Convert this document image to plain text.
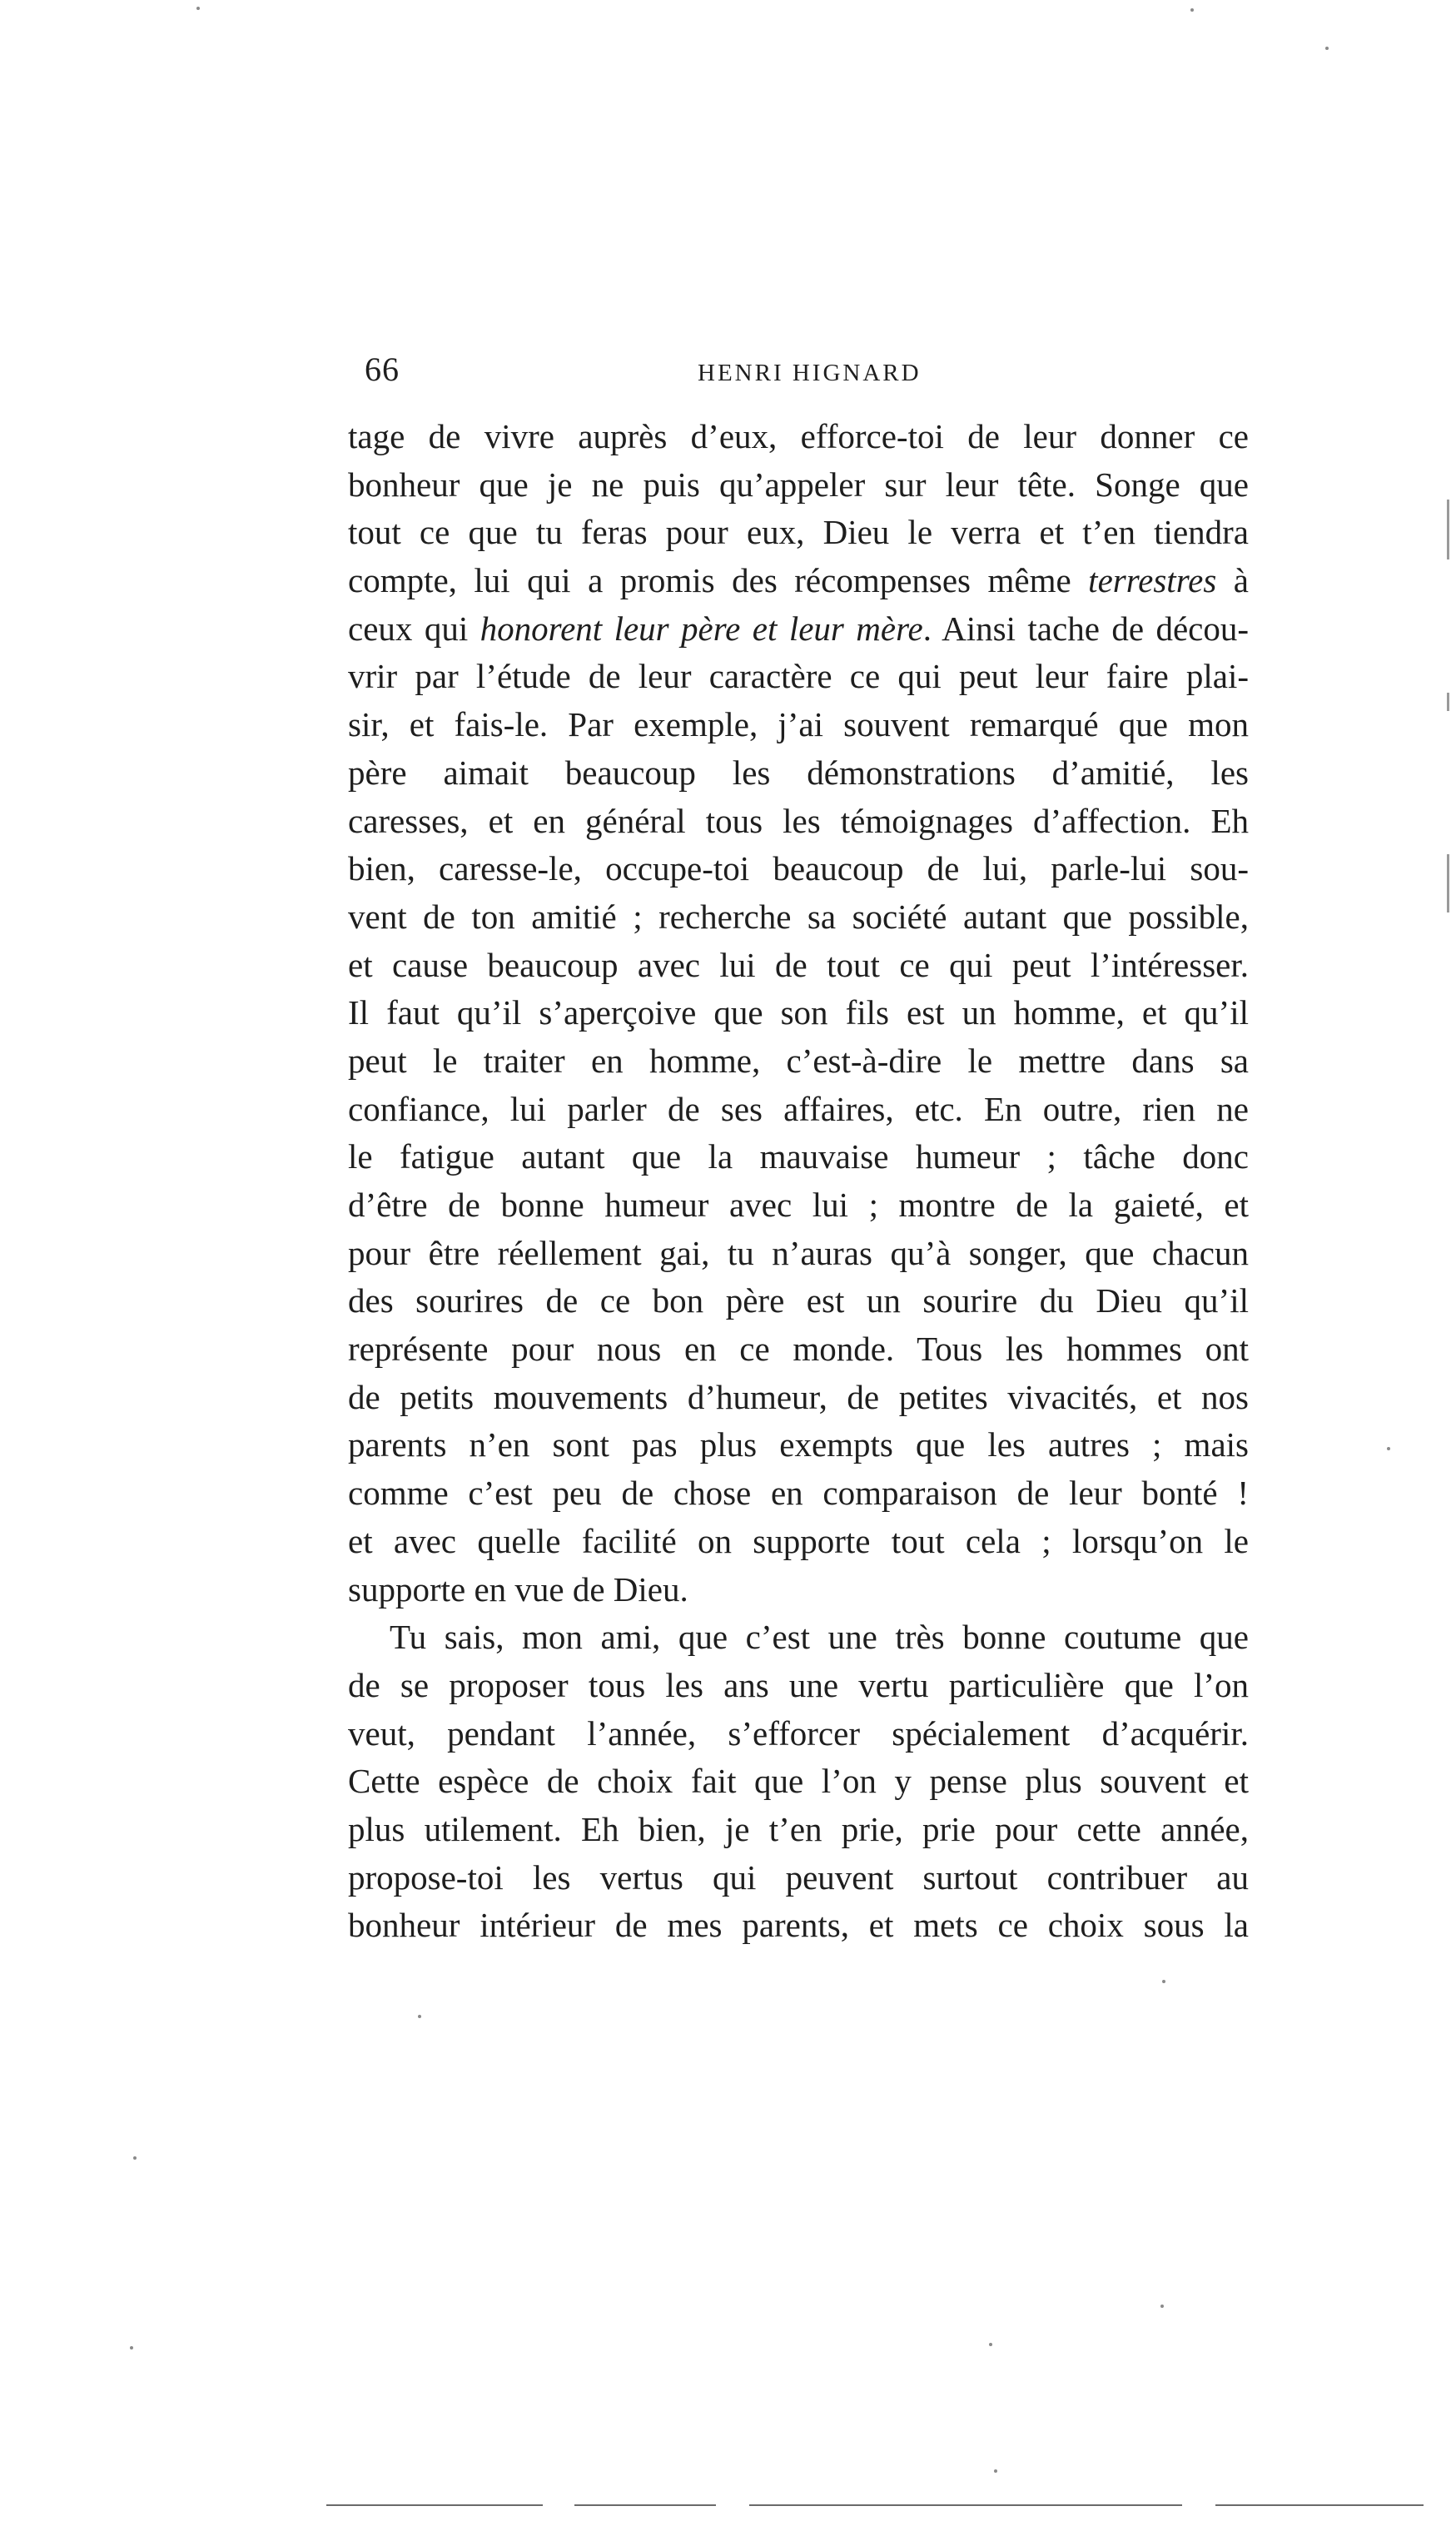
66	HENRI HIGNARD
tage de vivre auprès d’eux, efforce-toi de leur donner ce
bonheur que je ne puis qu’appeler sur leur tête. Songe que
tout ce que tu feras pour eux, Dieu le verra et t’en tiendra
compte, lui qui a promis des récompenses même terrestres à
ceux qui honorent leur père et leur mère. Ainsi tache de décou-
vrir par l’étude de leur caractère ce qui peut leur faire plai-
sir, et fais-le. Par exemple, j’ai souvent remarqué que mon
père aimait beaucoup les démonstrations d’amitié, les
caresses, et en général tous les témoignages d’affection. Eh
bien, caresse-le, occupe-toi beaucoup de lui, parle-lui sou-
vent de ton amitié ; recherche sa société autant que possible,
et cause beaucoup avec lui de tout ce qui peut l’intéresser.
Il faut qu’il s’aperçoive que son fils est un homme, et qu’il
peut le traiter en homme, c’est-à-dire le mettre dans sa
confiance, lui parler de ses affaires, etc. En outre, rien ne
le fatigue autant que la mauvaise humeur ; tâche donc
d’être de bonne humeur avec lui ; montre de la gaieté, et
pour être réellement gai, tu n’auras qu’à songer, que chacun
des sourires de ce bon père est un sourire du Dieu qu’il
représente pour nous en ce monde. Tous les hommes ont
de petits mouvements d’humeur, de petites vivacités, et nos
parents n’en sont pas plus exempts que les autres ; mais
comme c’est peu de chose en comparaison de leur bonté !
et avec quelle facilité on supporte tout cela ; lorsqu’on le
supporte en vue de Dieu.
Tu sais, mon ami, que c’est une très bonne coutume que
de se proposer tous les ans une vertu particulière que l’on
veut, pendant l’année, s’efforcer spécialement d’acquérir.
Cette espèce de choix fait que l’on y pense plus souvent et
plus utilement. Eh bien, je t’en prie, prie pour cette année,
propose-toi les vertus qui peuvent surtout contribuer au
bonheur intérieur de mes parents, et mets ce choix sous la
